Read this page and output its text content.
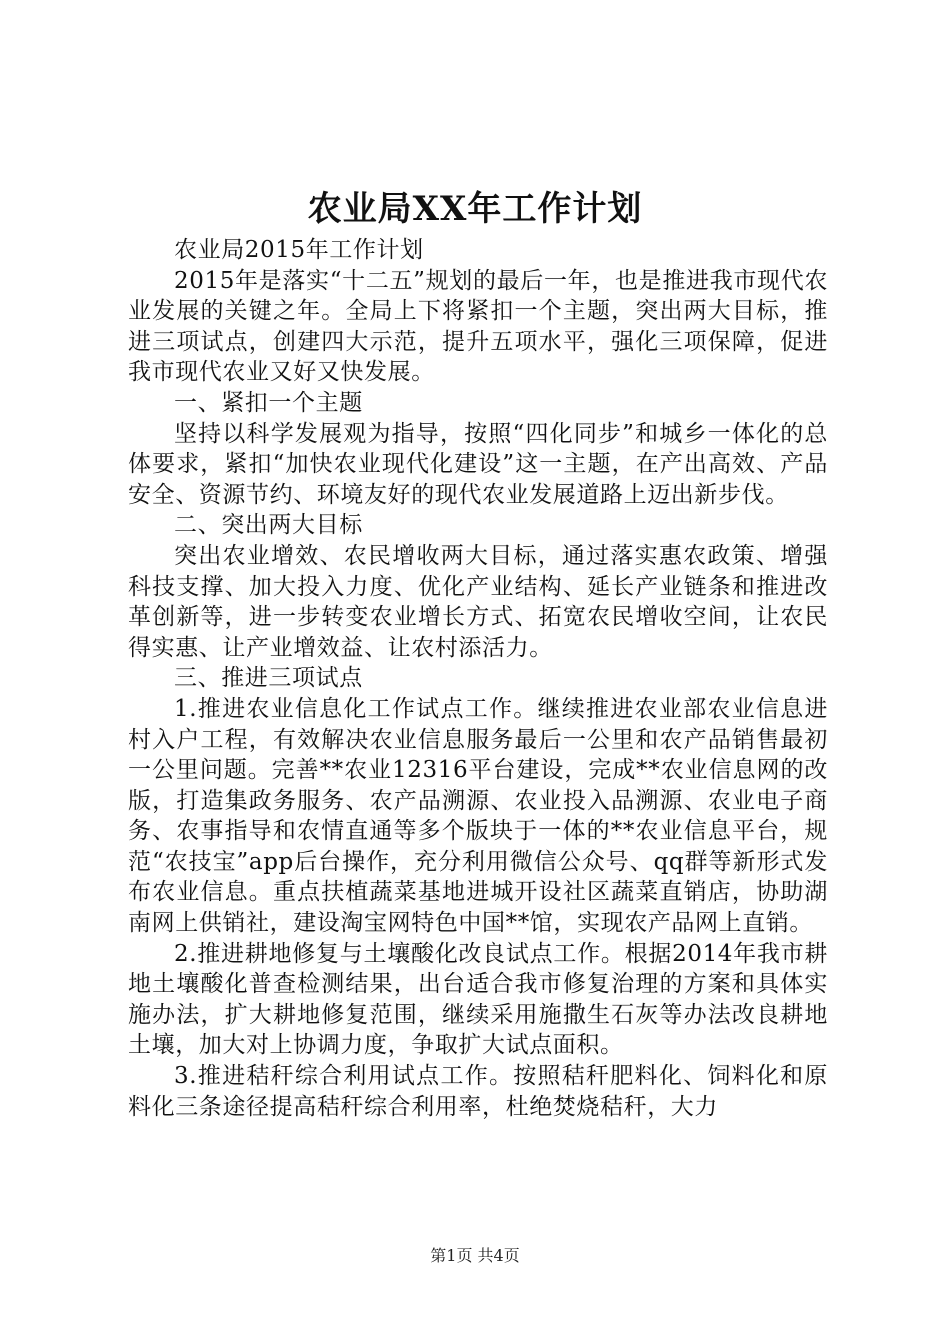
农业局XX年工作计划

农业局2015年工作计划

2015年是落实“十二五”规划的最后一年，也是推进我市现代农业发展的关键之年。全局上下将紧扣一个主题，突出两大目标，推进三项试点，创建四大示范，提升五项水平，强化三项保障，促进我市现代农业又好又快发展。

一、紧扣一个主题

坚持以科学发展观为指导，按照“四化同步”和城乡一体化的总体要求，紧扣“加快农业现代化建设”这一主题，在产出高效、产品安全、资源节约、环境友好的现代农业发展道路上迈出新步伐。

二、突出两大目标

突出农业增效、农民增收两大目标，通过落实惠农政策、增强科技支撑、加大投入力度、优化产业结构、延长产业链条和推进改革创新等，进一步转变农业增长方式、拓宽农民增收空间，让农民得实惠、让产业增效益、让农村添活力。

三、推进三项试点

1.推进农业信息化工作试点工作。继续推进农业部农业信息进村入户工程，有效解决农业信息服务最后一公里和农产品销售最初一公里问题。完善**农业12316平台建设，完成**农业信息网的改版，打造集政务服务、农产品溯源、农业投入品溯源、农业电子商务、农事指导和农情直通等多个版块于一体的**农业信息平台，规范“农技宝”app后台操作，充分利用微信公众号、qq群等新形式发布农业信息。重点扶植蔬菜基地进城开设社区蔬菜直销店，协助湖南网上供销社，建设淘宝网特色中国**馆，实现农产品网上直销。

2.推进耕地修复与土壤酸化改良试点工作。根据2014年我市耕地土壤酸化普查检测结果，出台适合我市修复治理的方案和具体实施办法，扩大耕地修复范围，继续采用施撒生石灰等办法改良耕地土壤，加大对上协调力度，争取扩大试点面积。

3.推进秸秆综合利用试点工作。按照秸秆肥料化、饲料化和原料化三条途径提高秸秆综合利用率，杜绝焚烧秸秆，大力

第1页 共4页
